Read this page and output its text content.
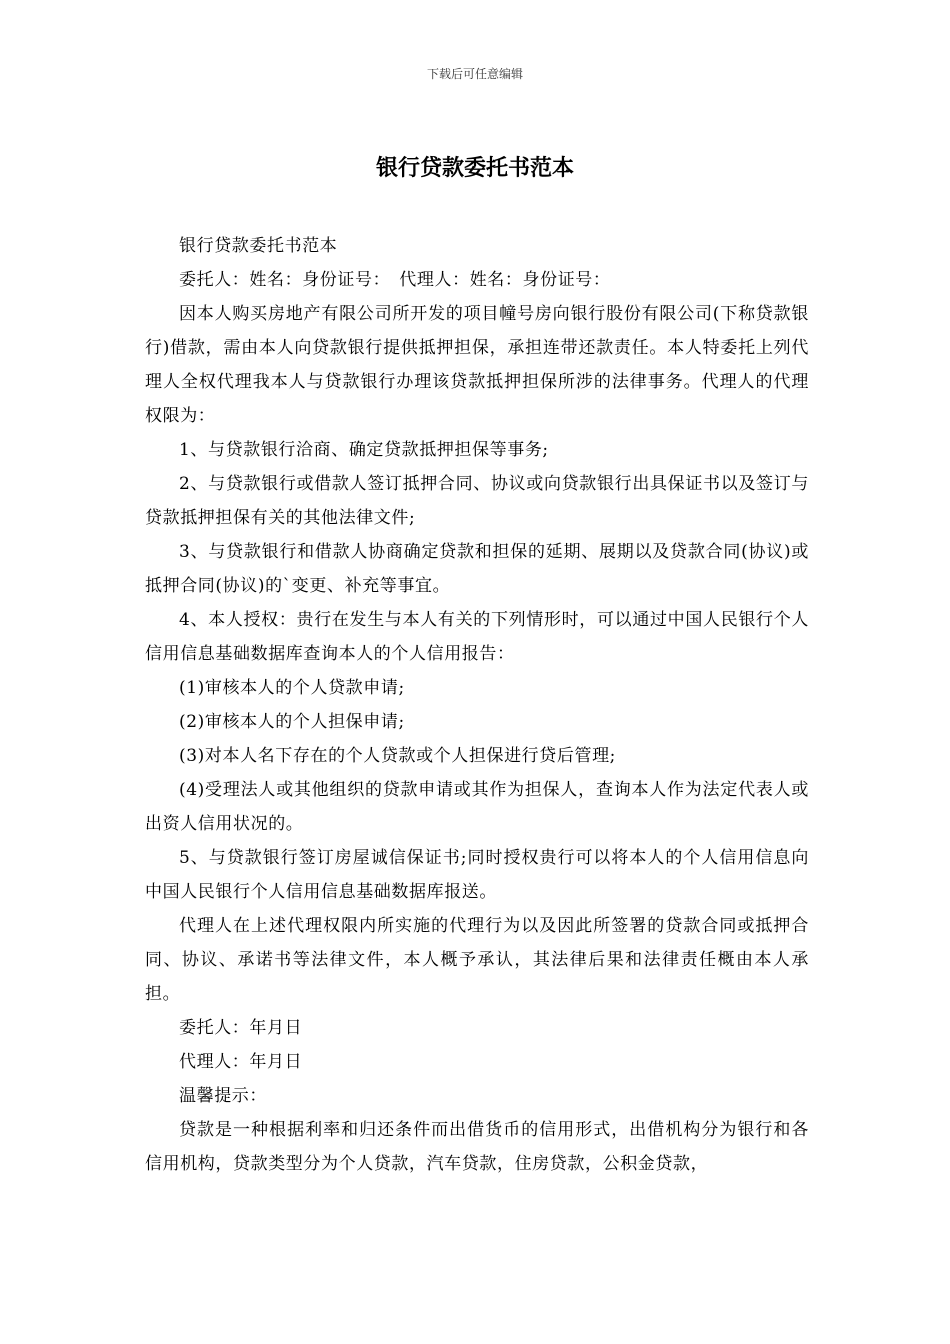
下载后可任意编辑
银行贷款委托书范本

银行贷款委托书范本

委托人：姓名：身份证号：　代理人：姓名：身份证号：

因本人购买房地产有限公司所开发的项目幢号房向银行股份有限公司(下称贷款银行)借款，需由本人向贷款银行提供抵押担保，承担连带还款责任。本人特委托上列代理人全权代理我本人与贷款银行办理该贷款抵押担保所涉的法律事务。代理人的代理权限为：

1、与贷款银行洽商、确定贷款抵押担保等事务;

2、与贷款银行或借款人签订抵押合同、协议或向贷款银行出具保证书以及签订与贷款抵押担保有关的其他法律文件;

3、与贷款银行和借款人协商确定贷款和担保的延期、展期以及贷款合同(协议)或抵押合同(协议)的`变更、补充等事宜。

4、本人授权：贵行在发生与本人有关的下列情形时，可以通过中国人民银行个人信用信息基础数据库查询本人的个人信用报告：

(1)审核本人的个人贷款申请;

(2)审核本人的个人担保申请;

(3)对本人名下存在的个人贷款或个人担保进行贷后管理;

(4)受理法人或其他组织的贷款申请或其作为担保人，查询本人作为法定代表人或出资人信用状况的。

5、与贷款银行签订房屋诚信保证书;同时授权贵行可以将本人的个人信用信息向中国人民银行个人信用信息基础数据库报送。

代理人在上述代理权限内所实施的代理行为以及因此所签署的贷款合同或抵押合同、协议、承诺书等法律文件，本人概予承认，其法律后果和法律责任概由本人承担。

委托人：年月日

代理人：年月日

温馨提示：

贷款是一种根据利率和归还条件而出借货币的信用形式，出借机构分为银行和各信用机构，贷款类型分为个人贷款，汽车贷款，住房贷款，公积金贷款，
